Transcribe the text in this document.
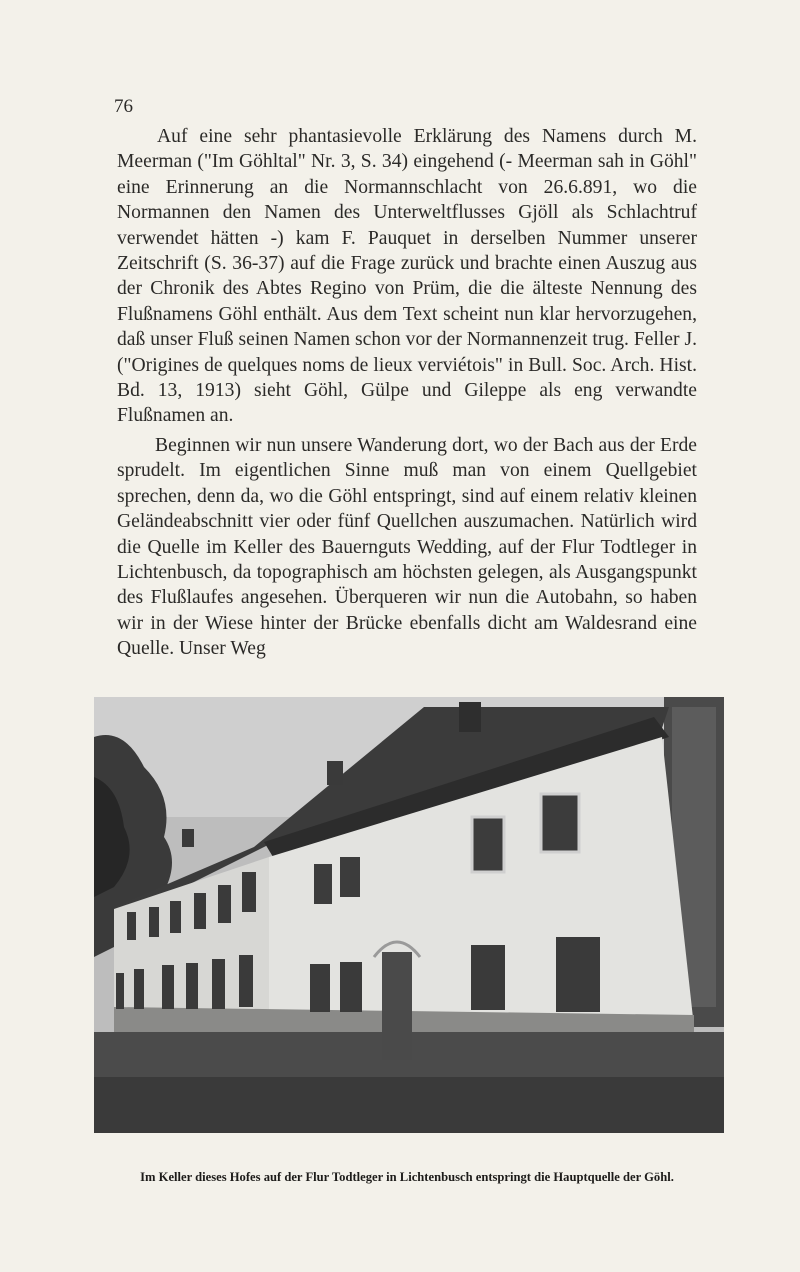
76

Auf eine sehr phantasievolle Erklärung des Namens durch M. Meerman ("Im Göhltal" Nr. 3, S. 34) eingehend (- Meerman sah in Göhl" eine Erinnerung an die Normannschlacht von 26.6.891, wo die Normannen den Namen des Unterweltflusses Gjöll als Schlachtruf verwendet hätten -) kam F. Pauquet in derselben Nummer unserer Zeitschrift (S. 36-37) auf die Frage zurück und brachte einen Auszug aus der Chronik des Abtes Regino von Prüm, die die älteste Nennung des Flußnamens Göhl enthält. Aus dem Text scheint nun klar hervorzugehen, daß unser Fluß seinen Namen schon vor der Normannenzeit trug. Feller J. ("Origines de quelques noms de lieux verviétois" in Bull. Soc. Arch. Hist. Bd. 13, 1913) sieht Göhl, Gülpe und Gileppe als eng verwandte Flußnamen an.

Beginnen wir nun unsere Wanderung dort, wo der Bach aus der Erde sprudelt. Im eigentlichen Sinne muß man von einem Quellgebiet sprechen, denn da, wo die Göhl entspringt, sind auf einem relativ kleinen Geländeabschnitt vier oder fünf Quellchen auszumachen. Natürlich wird die Quelle im Keller des Bauernguts Wedding, auf der Flur Todtleger in Lichtenbusch, da topographisch am höchsten gelegen, als Ausgangspunkt des Flußlaufes angesehen. Überqueren wir nun die Autobahn, so haben wir in der Wiese hinter der Brücke ebenfalls dicht am Waldesrand eine Quelle. Unser Weg

Im Keller dieses Hofes auf der Flur Todtleger in Lichtenbusch entspringt die Hauptquelle der Göhl.
